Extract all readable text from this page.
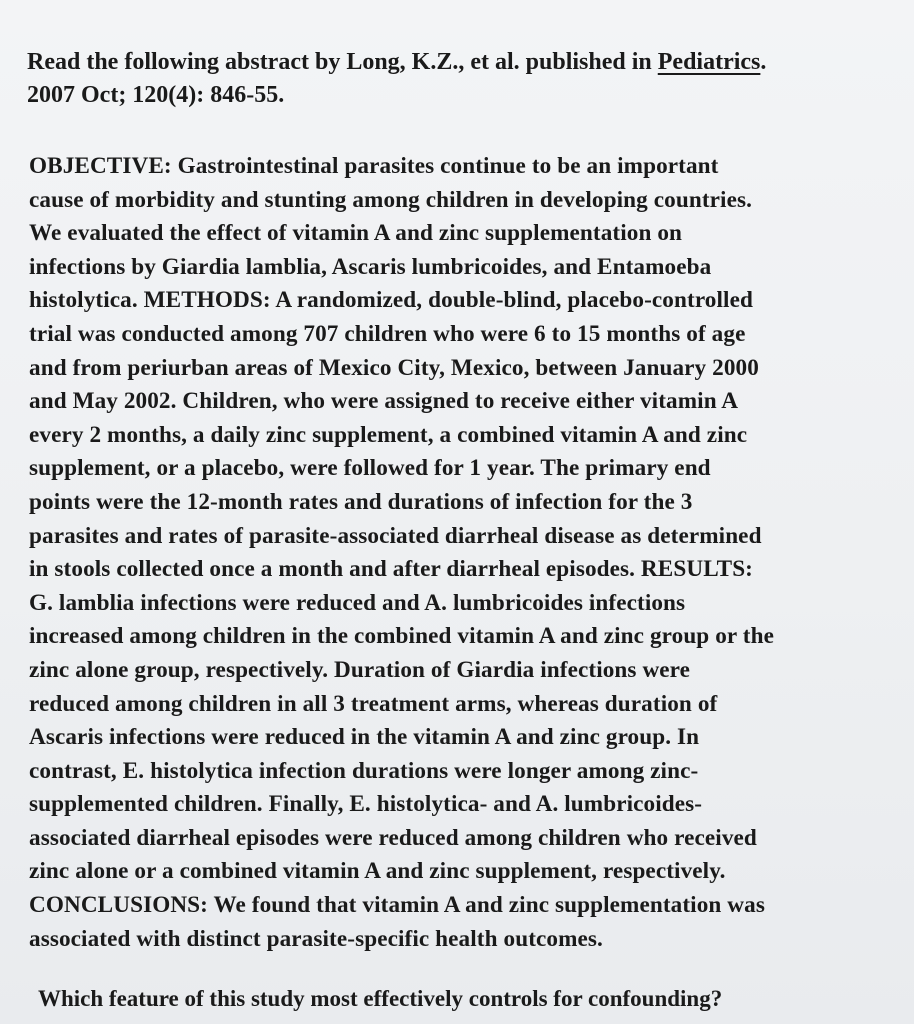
Read the following abstract by Long, K.Z., et al. published in Pediatrics.
2007 Oct; 120(4): 846-55.

OBJECTIVE: Gastrointestinal parasites continue to be an important
cause of morbidity and stunting among children in developing countries.
We evaluated the effect of vitamin A and zinc supplementation on
infections by Giardia lamblia, Ascaris lumbricoides, and Entamoeba
histolytica. METHODS: A randomized, double-blind, placebo-controlled
trial was conducted among 707 children who were 6 to 15 months of age
and from periurban areas of Mexico City, Mexico, between January 2000
and May 2002. Children, who were assigned to receive either vitamin A
every 2 months, a daily zinc supplement, a combined vitamin A and zinc
supplement, or a placebo, were followed for 1 year. The primary end
points were the 12-month rates and durations of infection for the 3
parasites and rates of parasite-associated diarrheal disease as determined
in stools collected once a month and after diarrheal episodes. RESULTS:
G. lamblia infections were reduced and A. lumbricoides infections
increased among children in the combined vitamin A and zinc group or the
zinc alone group, respectively. Duration of Giardia infections were
reduced among children in all 3 treatment arms, whereas duration of
Ascaris infections were reduced in the vitamin A and zinc group. In
contrast, E. histolytica infection durations were longer among zinc-
supplemented children. Finally, E. histolytica- and A. lumbricoides-
associated diarrheal episodes were reduced among children who received
zinc alone or a combined vitamin A and zinc supplement, respectively.
CONCLUSIONS: We found that vitamin A and zinc supplementation was
associated with distinct parasite-specific health outcomes.

Which feature of this study most effectively controls for confounding?
